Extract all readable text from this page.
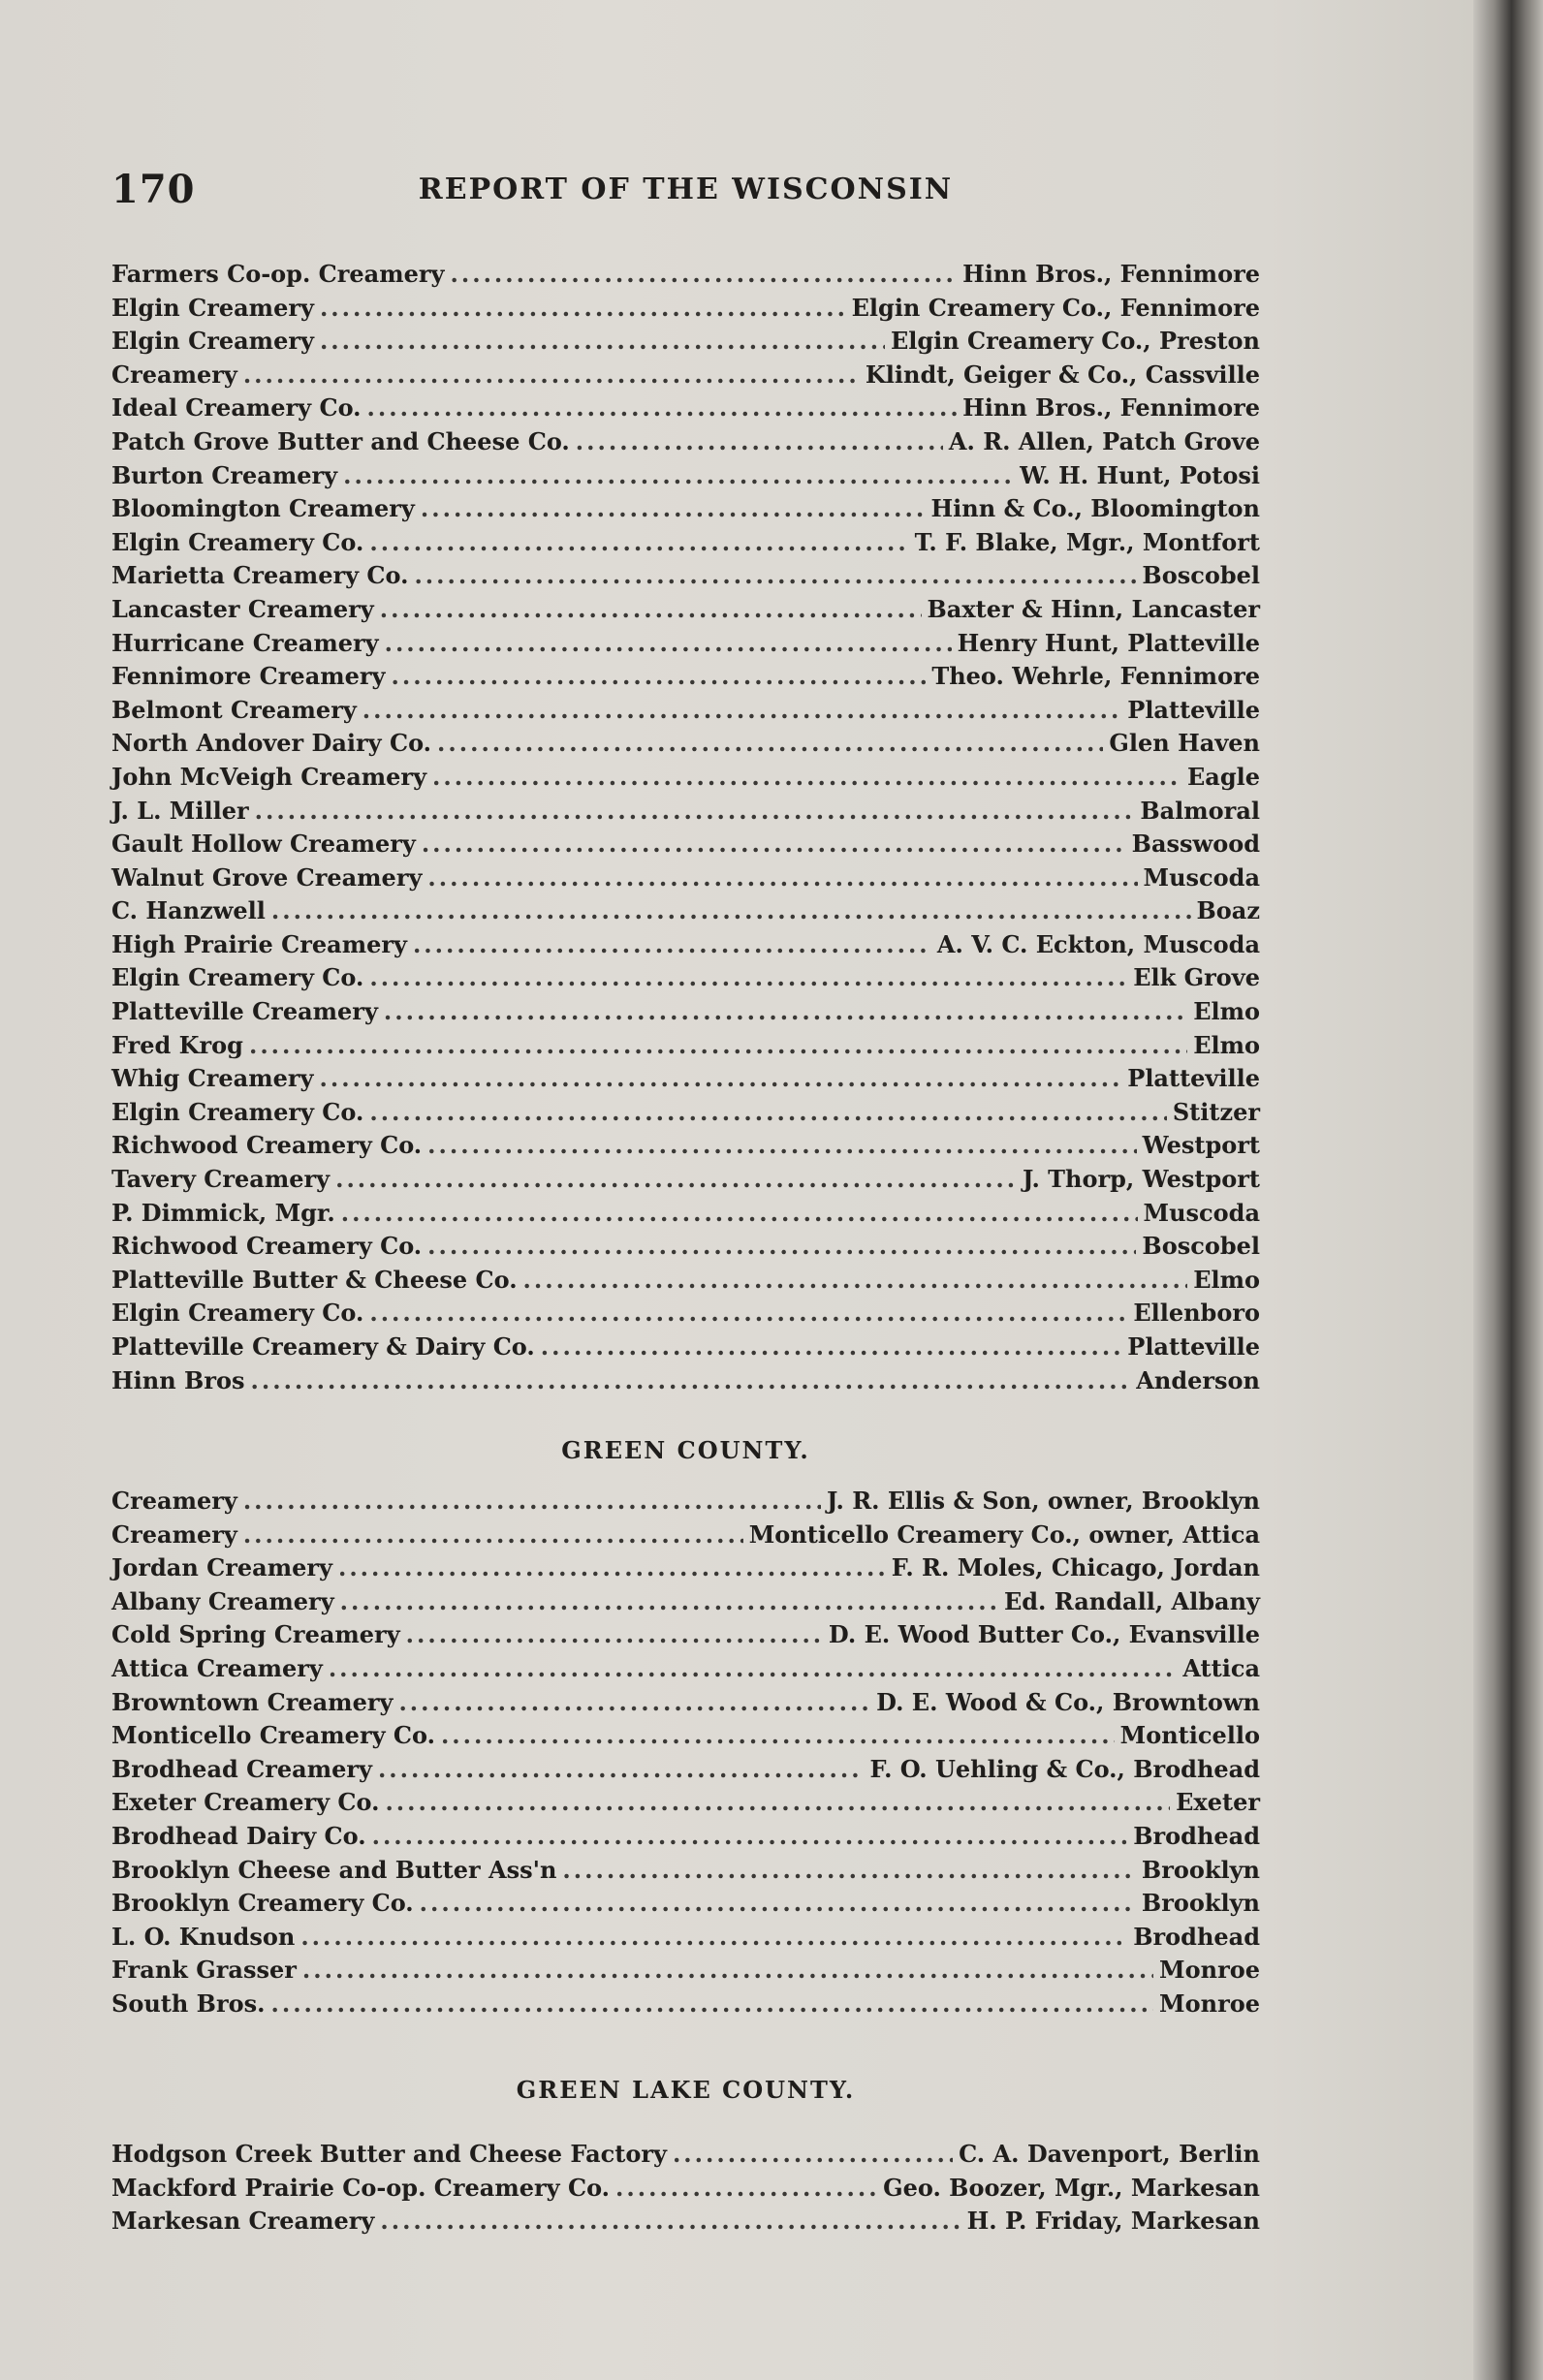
170	REPORT OF THE WISCONSIN
Farmers Co-op. Creamery .....	Hinn Bros., Fennimore
Elgin Creamery .....	Elgin Creamery Co., Fennimore
Elgin Creamery .....	Elgin Creamery Co., Preston
Creamery .....	Klindt, Geiger & Co., Cassville
Ideal Creamery Co. .....	Hinn Bros., Fennimore
Patch Grove Butter and Cheese Co. .....	A. R. Allen, Patch Grove
Burton Creamery .....	W. H. Hunt, Potosi
Bloomington Creamery .....	Hinn & Co., Bloomington
Elgin Creamery Co. .....	T. F. Blake, Mgr., Montfort
Marietta Creamery Co. .....	Boscobel
Lancaster Creamery .....	Baxter & Hinn, Lancaster
Hurricane Creamery .....	Henry Hunt, Platteville
Fennimore Creamery .....	Theo. Wehrle, Fennimore
Belmont Creamery .....	Platteville
North Andover Dairy Co. .....	Glen Haven
John McVeigh Creamery .....	Eagle
J. L. Miller .....	Balmoral
Gault Hollow Creamery .....	Basswood
Walnut Grove Creamery .....	Muscoda
C. Hanzwell .....	Boaz
High Prairie Creamery .....	A. V. C. Eckton, Muscoda
Elgin Creamery Co. .....	Elk Grove
Platteville Creamery .....	Elmo
Fred Krog .....	Elmo
Whig Creamery .....	Platteville
Elgin Creamery Co. .....	Stitzer
Richwood Creamery Co. .....	Westport
Tavery Creamery .....	J. Thorp, Westport
P. Dimmick, Mgr. .....	Muscoda
Richwood Creamery Co. .....	Boscobel
Platteville Butter & Cheese Co. .....	Elmo
Elgin Creamery Co. .....	Ellenboro
Platteville Creamery & Dairy Co. .....	Platteville
Hinn Bros .....	Anderson
GREEN COUNTY.
Creamery .....	J. R. Ellis & Son, owner, Brooklyn
Creamery .....	Monticello Creamery Co., owner, Attica
Jordan Creamery .....	F. R. Moles, Chicago, Jordan
Albany Creamery .....	Ed. Randall, Albany
Cold Spring Creamery .....	D. E. Wood Butter Co., Evansville
Attica Creamery .....	Attica
Browntown Creamery .....	D. E. Wood & Co., Browntown
Monticello Creamery Co. .....	Monticello
Brodhead Creamery .....	F. O. Uehling & Co., Brodhead
Exeter Creamery Co. .....	Exeter
Brodhead Dairy Co. .....	Brodhead
Brooklyn Cheese and Butter Ass'n .....	Brooklyn
Brooklyn Creamery Co. .....	Brooklyn
L. O. Knudson .....	Brodhead
Frank Grasser .....	Monroe
South Bros. .....	Monroe
GREEN LAKE COUNTY.
Hodgson Creek Butter and Cheese Factory .....	C. A. Davenport, Berlin
Mackford Prairie Co-op. Creamery Co. .....	Geo. Boozer, Mgr., Markesan
Markesan Creamery .....	H. P. Friday, Markesan
